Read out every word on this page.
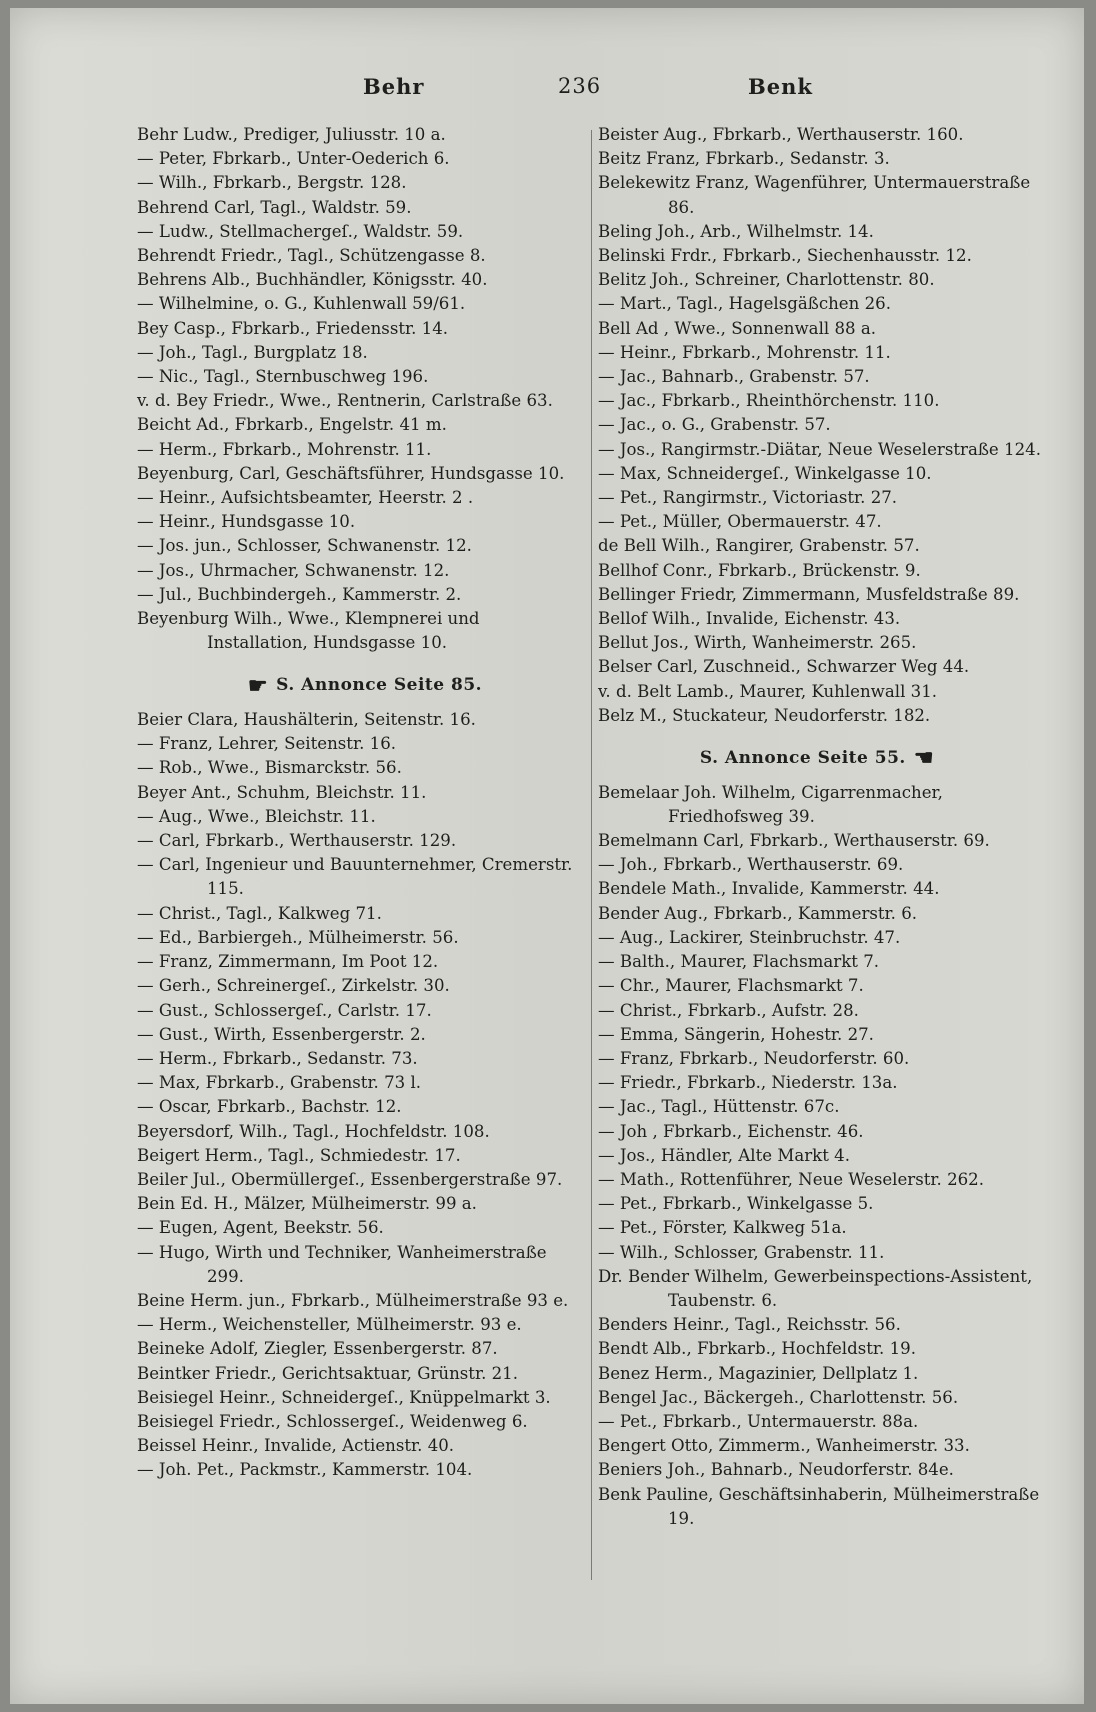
Behr	236	Benk

Behr Ludw., Prediger, Juliusstr. 10 a.

— Peter, Fbrkarb., Unter-Oederich 6.

— Wilh., Fbrkarb., Bergstr. 128.

Behrend Carl, Tagl., Waldstr. 59.

— Ludw., Stellmachergeſ., Waldstr. 59.

Behrendt Friedr., Tagl., Schützengasse 8.

Behrens Alb., Buchhändler, Königsstr. 40.

— Wilhelmine, o. G., Kuhlenwall 59/61.

Bey Casp., Fbrkarb., Friedensstr. 14.

— Joh., Tagl., Burgplatz 18.

— Nic., Tagl., Sternbuschweg 196.

v. d. Bey Friedr., Wwe., Rentnerin, Carlstraße 63.

Beicht Ad., Fbrkarb., Engelstr. 41 m.

— Herm., Fbrkarb., Mohrenstr. 11.

Beyenburg, Carl, Geschäftsführer, Hundsgasse 10.

— Heinr., Aufsichtsbeamter, Heerstr. 2 .

— Heinr., Hundsgasse 10.

— Jos. jun., Schlosser, Schwanenstr. 12.

— Jos., Uhrmacher, Schwanenstr. 12.

— Jul., Buchbindergeh., Kammerstr. 2.

Beyenburg Wilh., Wwe., Klempnerei und Installation, Hundsgasse 10.

☛ S. Annonce Seite 85.

Beier Clara, Haushälterin, Seitenstr. 16.

— Franz, Lehrer, Seitenstr. 16.

— Rob., Wwe., Bismarckstr. 56.

Beyer Ant., Schuhm, Bleichstr. 11.

— Aug., Wwe., Bleichstr. 11.

— Carl, Fbrkarb., Werthauserstr. 129.

— Carl, Ingenieur und Bauunternehmer, Cremerstr. 115.

— Christ., Tagl., Kalkweg 71.

— Ed., Barbiergeh., Mülheimerstr. 56.

— Franz, Zimmermann, Im Poot 12.

— Gerh., Schreinergeſ., Zirkelstr. 30.

— Gust., Schlossergeſ., Carlstr. 17.

— Gust., Wirth, Essenbergerstr. 2.

— Herm., Fbrkarb., Sedanstr. 73.

— Max, Fbrkarb., Grabenstr. 73 l.

— Oscar, Fbrkarb., Bachstr. 12.

Beyersdorf, Wilh., Tagl., Hochfeldstr. 108.

Beigert Herm., Tagl., Schmiedestr. 17.

Beiler Jul., Obermüllergeſ., Essenbergerstraße 97.

Bein Ed. H., Mälzer, Mülheimerstr. 99 a.

— Eugen, Agent, Beekstr. 56.

— Hugo, Wirth und Techniker, Wanheimerstraße 299.

Beine Herm. jun., Fbrkarb., Mülheimerstraße 93 e.

— Herm., Weichensteller, Mülheimerstr. 93 e.

Beineke Adolf, Ziegler, Essenbergerstr. 87.

Beintker Friedr., Gerichtsaktuar, Grünstr. 21.

Beisiegel Heinr., Schneidergeſ., Knüppelmarkt 3.

Beisiegel Friedr., Schlossergeſ., Weidenweg 6.

Beissel Heinr., Invalide, Actienstr. 40.

— Joh. Pet., Packmstr., Kammerstr. 104.

Beister Aug., Fbrkarb., Werthauserstr. 160.

Beitz Franz, Fbrkarb., Sedanstr. 3.

Belekewitz Franz, Wagenführer, Untermauerstraße 86.

Beling Joh., Arb., Wilhelmstr. 14.

Belinski Frdr., Fbrkarb., Siechenhausstr. 12.

Belitz Joh., Schreiner, Charlottenstr. 80.

— Mart., Tagl., Hagelsgäßchen 26.

Bell Ad , Wwe., Sonnenwall 88 a.

— Heinr., Fbrkarb., Mohrenstr. 11.

— Jac., Bahnarb., Grabenstr. 57.

— Jac., Fbrkarb., Rheinthörchenstr. 110.

— Jac., o. G., Grabenstr. 57.

— Jos., Rangirmstr.-Diätar, Neue Weselerstraße 124.

— Max, Schneidergeſ., Winkelgasse 10.

— Pet., Rangirmstr., Victoriastr. 27.

— Pet., Müller, Obermauerstr. 47.

de Bell Wilh., Rangirer, Grabenstr. 57.

Bellhof Conr., Fbrkarb., Brückenstr. 9.

Bellinger Friedr, Zimmermann, Musfeldstraße 89.

Bellof Wilh., Invalide, Eichenstr. 43.

Bellut Jos., Wirth, Wanheimerstr. 265.

Belser Carl, Zuschneid., Schwarzer Weg 44.

v. d. Belt Lamb., Maurer, Kuhlenwall 31.

Belz M., Stuckateur, Neudorferstr. 182.

S. Annonce Seite 55. ☚

Bemelaar Joh. Wilhelm, Cigarrenmacher, Friedhofsweg 39.

Bemelmann Carl, Fbrkarb., Werthauserstr. 69.

— Joh., Fbrkarb., Werthauserstr. 69.

Bendele Math., Invalide, Kammerstr. 44.

Bender Aug., Fbrkarb., Kammerstr. 6.

— Aug., Lackirer, Steinbruchstr. 47.

— Balth., Maurer, Flachsmarkt 7.

— Chr., Maurer, Flachsmarkt 7.

— Christ., Fbrkarb., Aufstr. 28.

— Emma, Sängerin, Hohestr. 27.

— Franz, Fbrkarb., Neudorferstr. 60.

— Friedr., Fbrkarb., Niederstr. 13a.

— Jac., Tagl., Hüttenstr. 67c.

— Joh , Fbrkarb., Eichenstr. 46.

— Jos., Händler, Alte Markt 4.

— Math., Rottenführer, Neue Weselerstr. 262.

— Pet., Fbrkarb., Winkelgasse 5.

— Pet., Förster, Kalkweg 51a.

— Wilh., Schlosser, Grabenstr. 11.

Dr. Bender Wilhelm, Gewerbeinspections-Assistent, Taubenstr. 6.

Benders Heinr., Tagl., Reichsstr. 56.

Bendt Alb., Fbrkarb., Hochfeldstr. 19.

Benez Herm., Magazinier, Dellplatz 1.

Bengel Jac., Bäckergeh., Charlottenstr. 56.

— Pet., Fbrkarb., Untermauerstr. 88a.

Bengert Otto, Zimmerm., Wanheimerstr. 33.

Beniers Joh., Bahnarb., Neudorferstr. 84e.

Benk Pauline, Geschäftsinhaberin, Mülheimerstraße 19.
